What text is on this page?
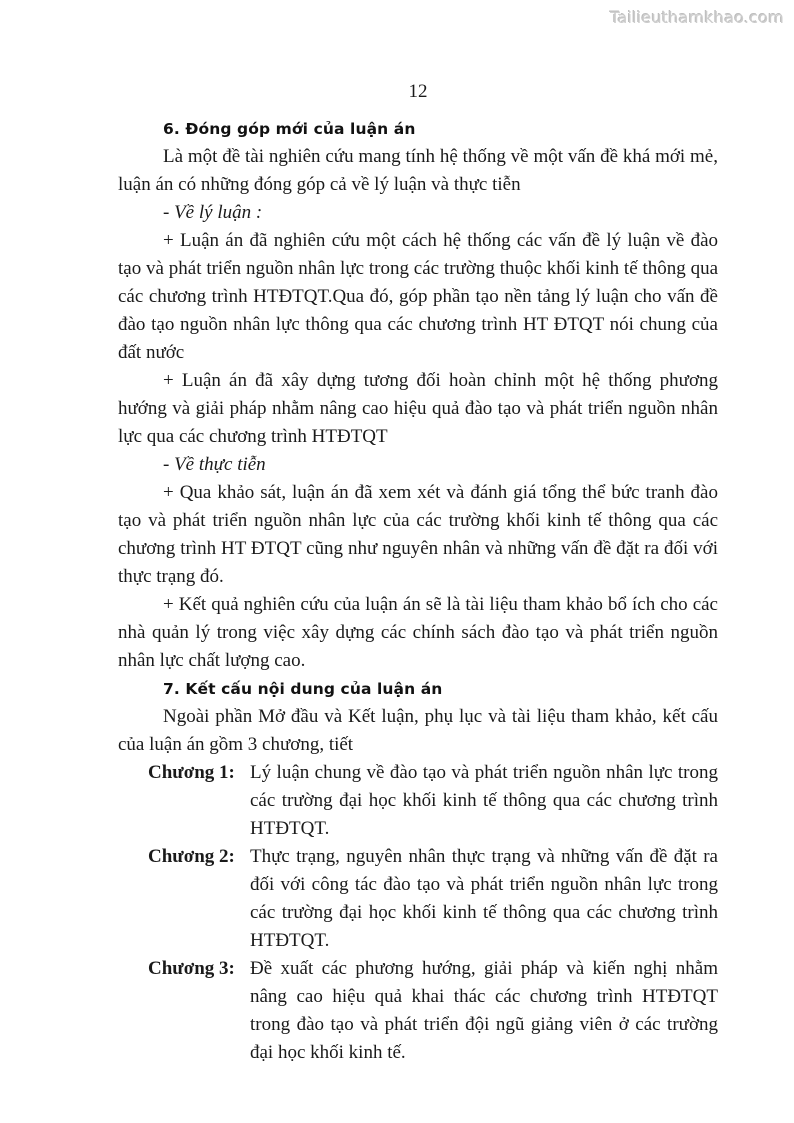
Tailieuthamkhao.com
12
6. Đóng góp mới của luận án

Là một đề tài nghiên cứu mang tính hệ thống về một vấn đề khá mới mẻ, luận án có những đóng góp cả về lý luận và thực tiễn

- Về lý luận :

+ Luận án đã nghiên cứu một cách hệ thống các vấn đề lý luận về đào tạo và phát triển nguồn nhân lực trong các trường thuộc khối kinh tế thông qua các chương trình HTĐTQT.Qua đó, góp phần tạo nền tảng lý luận cho vấn đề đào tạo nguồn nhân lực thông qua các chương trình HT ĐTQT nói chung của đất nước

+ Luận án đã xây dựng tương đối hoàn chỉnh một hệ thống phương hướng và giải pháp nhằm nâng cao hiệu quả đào tạo và phát triển nguồn nhân lực qua các chương trình HTĐTQT

- Về thực tiễn

+ Qua khảo sát, luận án đã xem xét và đánh giá tổng thể bức tranh đào tạo và phát triển nguồn nhân lực của các trường khối kinh tế thông qua các chương trình HT ĐTQT cũng như nguyên nhân và những vấn đề đặt ra đối với thực trạng đó.

+ Kết quả nghiên cứu của luận án sẽ là tài liệu tham khảo bổ ích cho các nhà quản lý trong việc xây dựng các chính sách đào tạo và phát triển nguồn nhân lực chất lượng cao.

7. Kết cấu nội dung của luận án

Ngoài phần Mở đầu và Kết luận, phụ lục và tài liệu tham khảo, kết cấu của luận án gồm 3 chương, tiết

Chương 1: Lý luận chung về đào tạo và phát triển nguồn nhân lực trong các trường đại học khối kinh tế thông qua các chương trình HTĐTQT.
Chương 2: Thực trạng, nguyên nhân thực trạng và những vấn đề đặt ra đối với công tác đào tạo và phát triển nguồn nhân lực trong các trường đại học khối kinh tế thông qua các chương trình HTĐTQT.
Chương 3: Đề xuất các phương hướng, giải pháp và kiến nghị nhằm nâng cao hiệu quả khai thác các chương trình HTĐTQT trong đào tạo và phát triển đội ngũ giảng viên ở các trường đại học khối kinh tế.
